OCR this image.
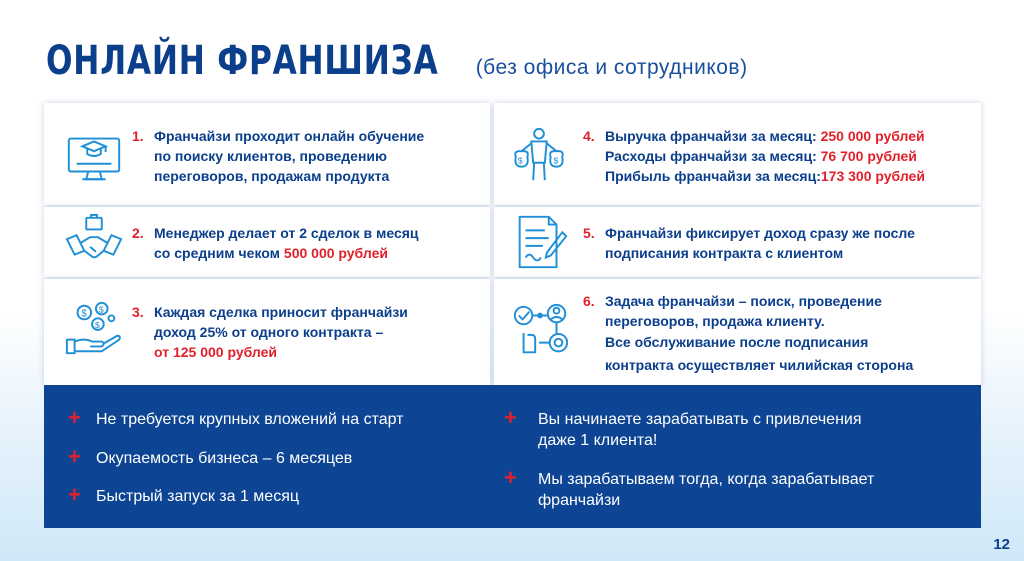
ОНЛАЙН ФРАНШИЗА (без офиса и сотрудников)
$ $
$
$	$
1. Франчайзи проходит онлайн обучение
по поиску клиентов, проведению
переговоров, продажам продукта
2. Менеджер делает от 2 сделок в месяц
со средним чеком 500 000 рублей
3. Каждая сделка приносит франчайзи
доход 25% от одного контракта –
от 125 000 рублей
4. Выручка франчайзи за месяц: 250 000 рублей
Расходы франчайзи за месяц: 76 700 рублей
Прибыль франчайзи за месяц:173 300 рублей
5. Франчайзи фиксирует доход сразу же после
подписания контракта с клиентом
6. Задача франчайзи – поиск, проведение
переговоров, продажа клиенту.
Все обслуживание после подписания
контракта осуществляет чилийская сторона
+ Не требуется крупных вложений на старт
+ Окупаемость бизнеса – 6 месяцев
+ Быстрый запуск за 1 месяц
+ Вы начинаете зарабатывать с привлечения
даже 1 клиента!
+ Мы зарабатываем тогда, когда зарабатывает
франчайзи
12
